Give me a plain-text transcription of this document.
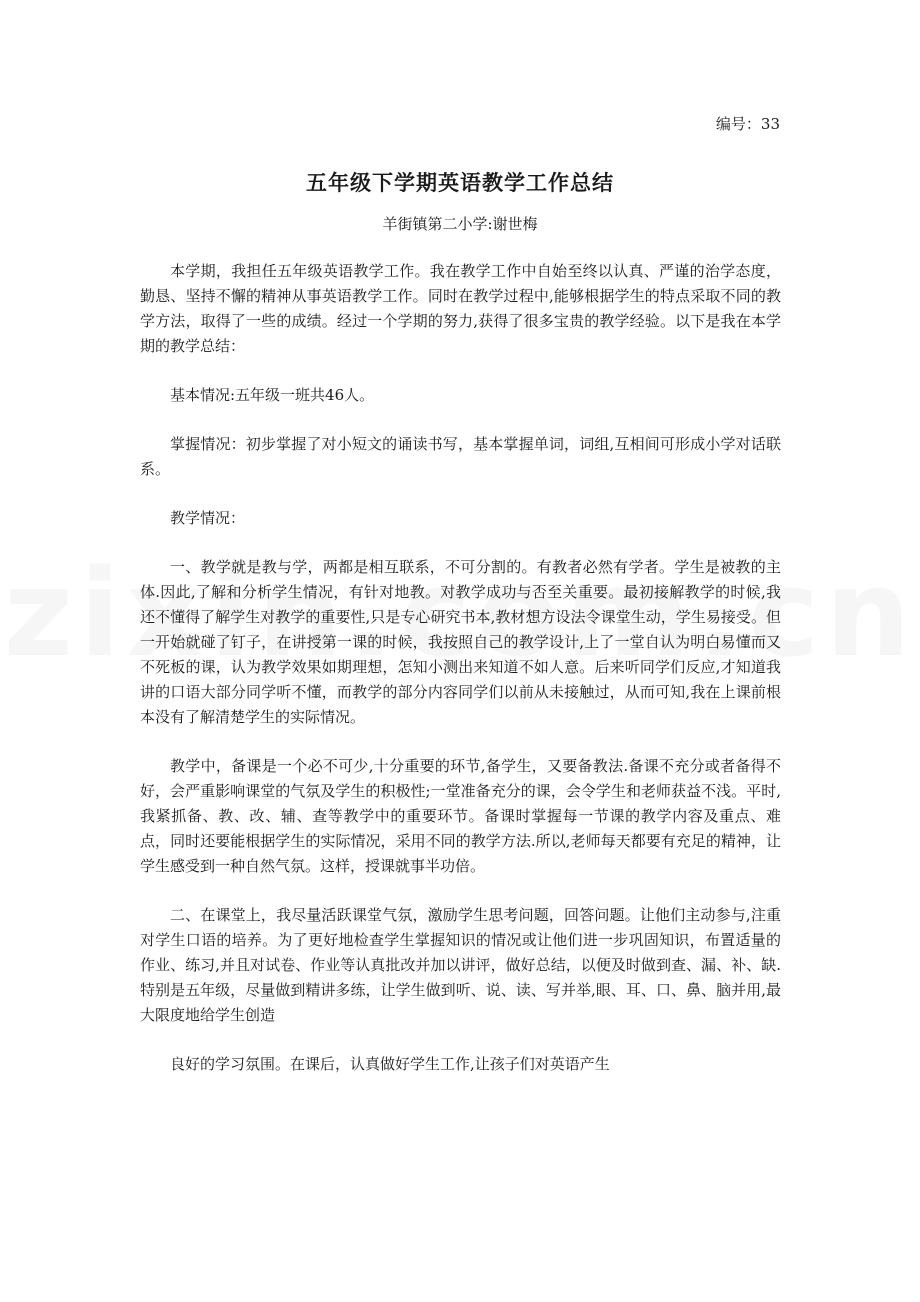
编号：33
五年级下学期英语教学工作总结
羊街镇第二小学:谢世梅

本学期，我担任五年级英语教学工作。我在教学工作中自始至终以认真、严谨的治学态度，勤恳、坚持不懈的精神从事英语教学工作。同时在教学过程中,能够根据学生的特点采取不同的教学方法，取得了一些的成绩。经过一个学期的努力,获得了很多宝贵的教学经验。以下是我在本学期的教学总结：

基本情况:五年级一班共46人。

掌握情况：初步掌握了对小短文的诵读书写，基本掌握单词，词组,互相间可形成小学对话联系。

教学情况：

一、教学就是教与学，两都是相互联系，不可分割的。有教者必然有学者。学生是被教的主体.因此,了解和分析学生情况，有针对地教。对教学成功与否至关重要。最初接解教学的时候,我还不懂得了解学生对教学的重要性,只是专心研究书本,教材想方设法令课堂生动，学生易接受。但一开始就碰了钉子，在讲授第一课的时候，我按照自己的教学设计,上了一堂自认为明白易懂而又不死板的课，认为教学效果如期理想，怎知小测出来知道不如人意。后来听同学们反应,才知道我讲的口语大部分同学听不懂，而教学的部分内容同学们以前从未接触过，从而可知,我在上课前根本没有了解清楚学生的实际情况。

教学中，备课是一个必不可少,十分重要的环节,备学生，又要备教法.备课不充分或者备得不好，会严重影响课堂的气氛及学生的积极性;一堂准备充分的课，会令学生和老师获益不浅。平时,我紧抓备、教、改、辅、查等教学中的重要环节。备课时掌握每一节课的教学内容及重点、难点，同时还要能根据学生的实际情况，采用不同的教学方法.所以,老师每天都要有充足的精神，让学生感受到一种自然气氛。这样，授课就事半功倍。

二、在课堂上，我尽量活跃课堂气氛，激励学生思考问题，回答问题。让他们主动参与,注重对学生口语的培养。为了更好地检查学生掌握知识的情况或让他们进一步巩固知识，布置适量的作业、练习,并且对试卷、作业等认真批改并加以讲评，做好总结，以便及时做到查、漏、补、缺.特别是五年级，尽量做到精讲多练，让学生做到听、说、读、写并举,眼、耳、口、鼻、脑并用,最大限度地给学生创造

良好的学习氛围。在课后，认真做好学生工作,让孩子们对英语产生
